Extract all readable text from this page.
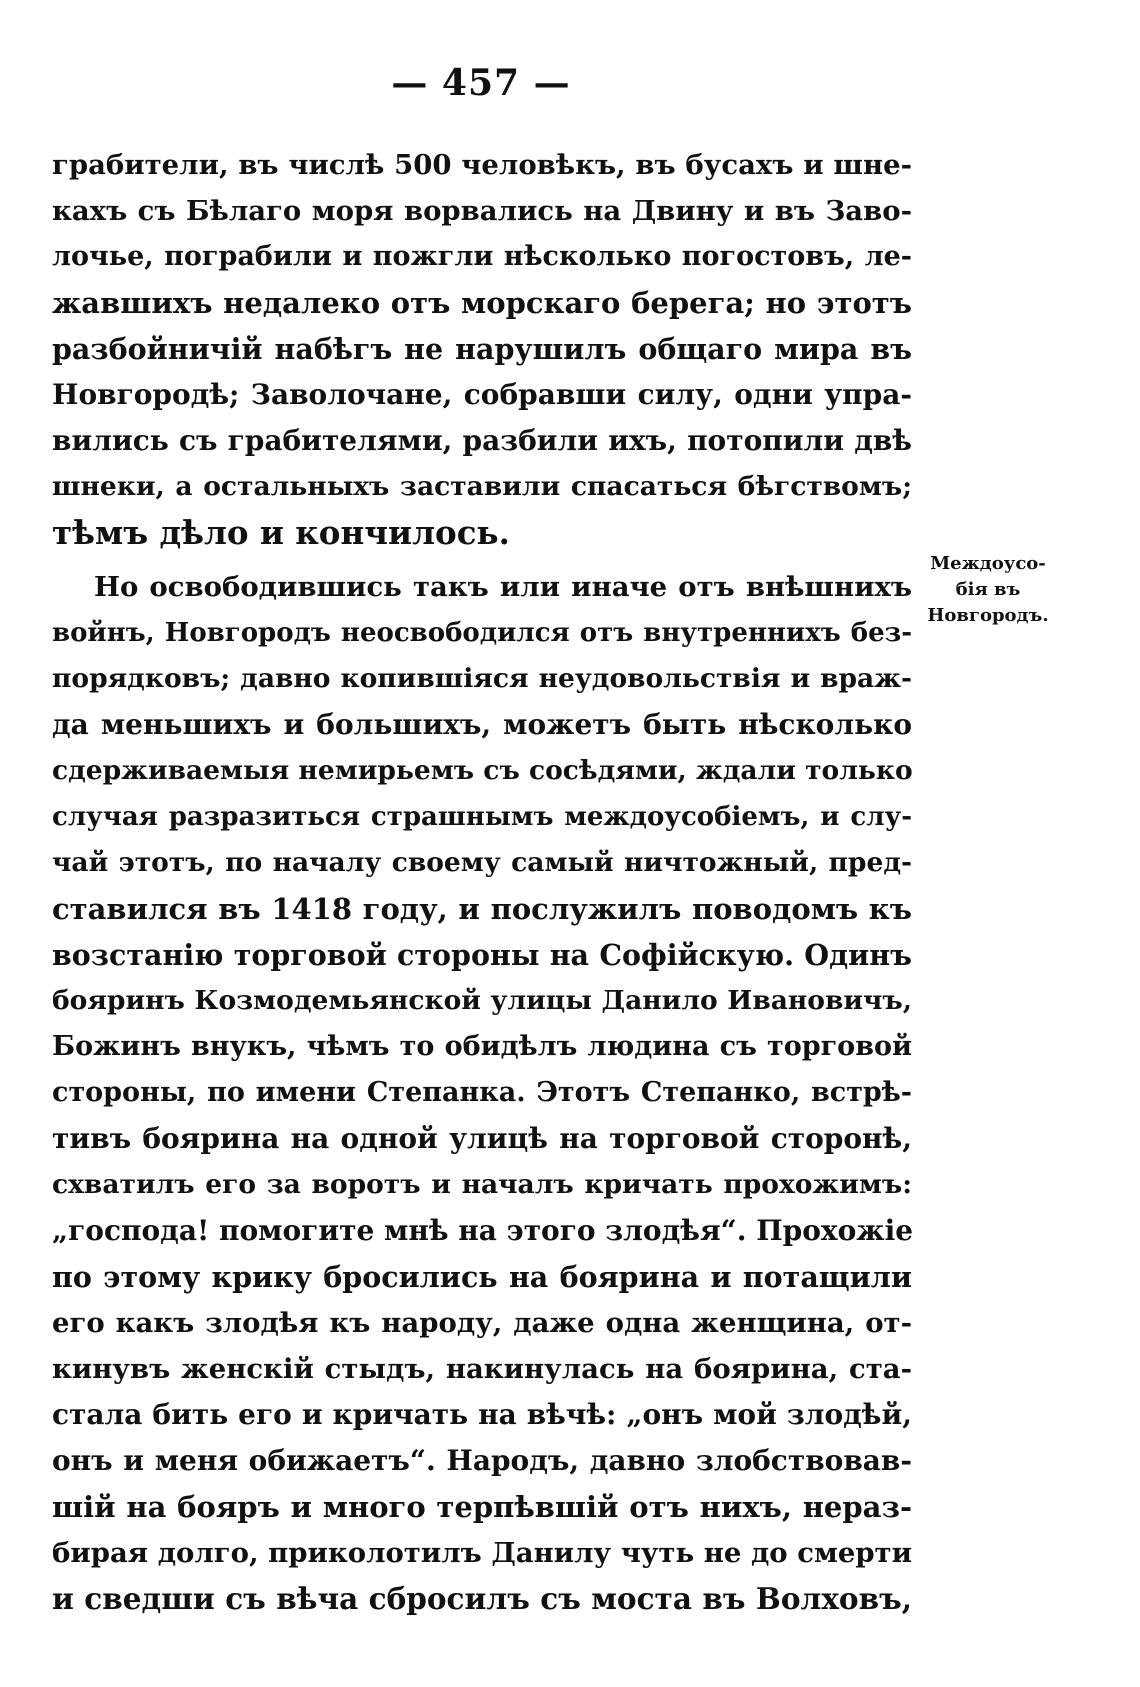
— 457 —
грабители, въ числѣ 500 человѣкъ, въ бусахъ и шне-
кахъ съ Бѣлаго моря ворвались на Двину и въ Заво-
лочье, пограбили и пожгли нѣсколько погостовъ, ле-
жавшихъ недалеко отъ морскаго берега; но этотъ
разбойничій набѣгъ не нарушилъ общаго мира въ
Новгородѣ; Заволочане, собравши силу, одни упра-
вились съ грабителями, разбили ихъ, потопили двѣ
шнеки, а остальныхъ заставили спасаться бѣгствомъ;
тѣмъ дѣло и кончилось.
Но освободившись такъ или иначе отъ внѣшнихъ
войнъ, Новгородъ неосвободился отъ внутреннихъ без-
порядковъ; давно копившіяся неудовольствія и враж-
да меньшихъ и большихъ, можетъ быть нѣсколько
сдерживаемыя немирьемъ съ сосѣдями, ждали только
случая разразиться страшнымъ междоусобіемъ, и слу-
чай этотъ, по началу своему самый ничтожный, пред-
ставился въ 1418 году, и послужилъ поводомъ къ
возстанію торговой стороны на Софійскую. Одинъ
бояринъ Козмодемьянской улицы Данило Ивановичъ,
Божинъ внукъ, чѣмъ то обидѣлъ людина съ торговой
стороны, по имени Степанка. Этотъ Степанко, встрѣ-
тивъ боярина на одной улицѣ на торговой сторонѣ,
схватилъ его за воротъ и началъ кричать прохожимъ:
„господа! помогите мнѣ на этого злодѣя“. Прохожіе
по этому крику бросились на боярина и потащили
его какъ злодѣя къ народу, даже одна женщина, от-
кинувъ женскій стыдъ, накинулась на боярина, ста-
стала бить его и кричать на вѣчѣ: „онъ мой злодѣй,
онъ и меня обижаетъ“. Народъ, давно злобствовав-
шій на бояръ и много терпѣвшій отъ нихъ, нераз-
бирая долго, приколотилъ Данилу чуть не до смерти
и сведши съ вѣча сбросилъ съ моста въ Волховъ,
Междоусо-
бія въ
Новгородъ.
